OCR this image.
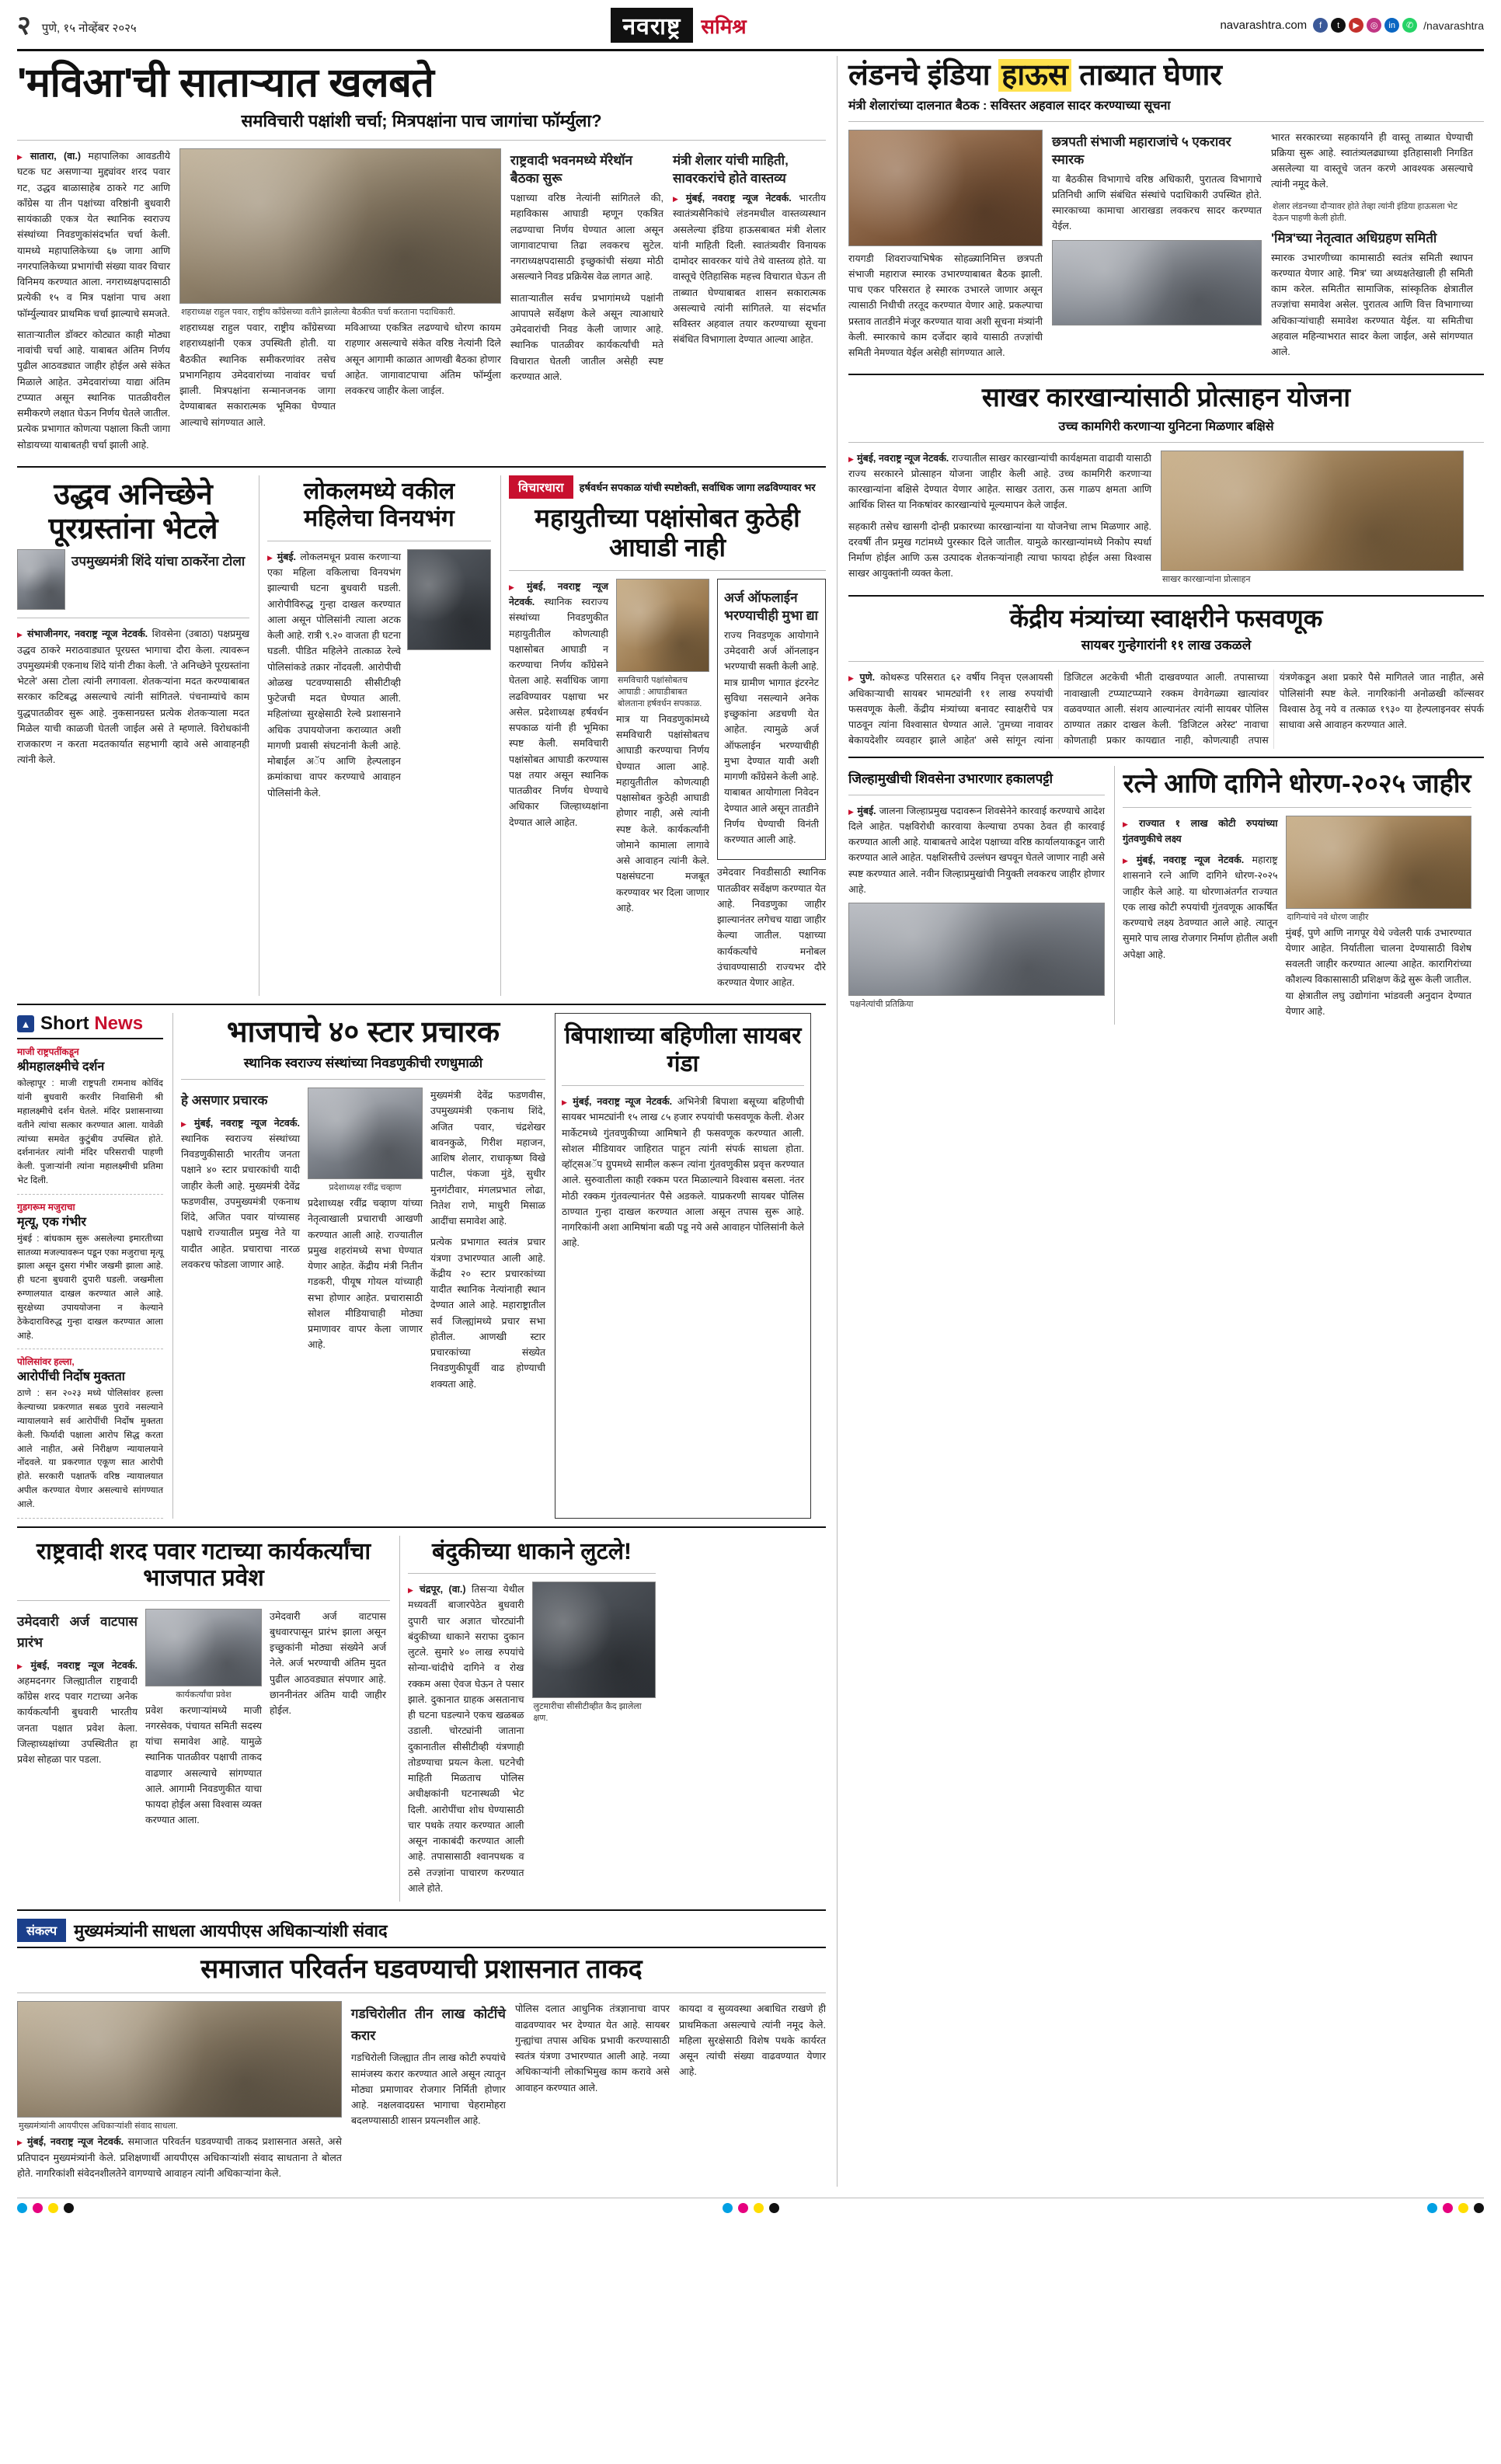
२ पुणे, १५ नोव्हेंबर २०२५	नवराष्ट्र	समिश्र	navarashtra.com	f	t	▶	◎	in	✆ /navarashtra
'मविआ'ची साताऱ्यात खलबते
समविचारी पक्षांशी चर्चा; मित्रपक्षांना पाच जागांचा फॉर्म्युला?

▶ सातारा, (वा.) महापालिका आवडतीये घटक घट असणाऱ्या मुद्द्यांवर शरद पवार गट, उद्धव बाळासाहेब ठाकरे गट आणि काँग्रेस या तीन पक्षांच्या वरिष्ठांनी बुधवारी सायंकाळी एकत्र येत स्थानिक स्वराज्य संस्थांच्या निवडणुकांसंदर्भात चर्चा केली. यामध्ये महापालिकेच्या ६७ जागा आणि नगरपालिकेच्या प्रभागांची संख्या यावर विचार विनिमय करण्यात आला. नगराध्यक्षपदासाठी प्रत्येकी १५ व मित्र पक्षांना पाच अशा फॉर्म्युल्यावर प्राथमिक चर्चा झाल्याचे समजते.

साताऱ्यातील डॉक्टर कोट्यात काही मोठ्या नावांची चर्चा आहे. याबाबत अंतिम निर्णय पुढील आठवड्यात जाहीर होईल असे संकेत मिळाले आहेत. उमेदवारांच्या याद्या अंतिम टप्प्यात असून स्थानिक पातळीवरील समीकरणे लक्षात घेऊन निर्णय घेतले जातील. प्रत्येक प्रभागात कोणत्या पक्षाला किती जागा सोडायच्या याबाबतही चर्चा झाली आहे.

शहराध्यक्ष राहुल पवार, राष्ट्रीय काँग्रेसच्या वतीने झालेल्या बैठकीत चर्चा करताना पदाधिकारी.

शहराध्यक्ष राहुल पवार, राष्ट्रीय काँग्रेसच्या शहराध्यक्षांनी एकत्र उपस्थिती होती. या बैठकीत स्थानिक समीकरणांवर तसेच प्रभागनिहाय उमेदवारांच्या नावांवर चर्चा झाली. मित्रपक्षांना सन्मानजनक जागा देण्याबाबत सकारात्मक भूमिका घेण्यात आल्याचे सांगण्यात आले.

मविआच्या एकत्रित लढण्याचे धोरण कायम राहणार असल्याचे संकेत वरिष्ठ नेत्यांनी दिले असून आगामी काळात आणखी बैठका होणार आहेत. जागावाटपाचा अंतिम फॉर्म्युला लवकरच जाहीर केला जाईल.

राष्ट्रवादी भवनमध्ये मॅरेथॉन बैठका सुरू

पक्षाच्या वरिष्ठ नेत्यांनी सांगितले की, महाविकास आघाडी म्हणून एकत्रित लढण्याचा निर्णय घेण्यात आला असून जागावाटपाचा तिढा लवकरच सुटेल. नगराध्यक्षपदासाठी इच्छुकांची संख्या मोठी असल्याने निवड प्रक्रियेस वेळ लागत आहे.

साताऱ्यातील सर्वच प्रभागांमध्ये पक्षांनी आपापले सर्वेक्षण केले असून त्याआधारे उमेदवारांची निवड केली जाणार आहे. स्थानिक पातळीवर कार्यकर्त्यांची मते विचारात घेतली जातील असेही स्पष्ट करण्यात आले.

मंत्री शेलार यांची माहिती, सावरकरांचे होते वास्तव्य

▶ मुंबई, नवराष्ट्र न्यूज नेटवर्क. भारतीय स्वातंत्र्यसैनिकांचे लंडनमधील वास्तव्यस्थान असलेल्या इंडिया हाऊसबाबत मंत्री शेलार यांनी माहिती दिली. स्वातंत्र्यवीर विनायक दामोदर सावरकर यांचे तेथे वास्तव्य होते. या वास्तूचे ऐतिहासिक महत्त्व विचारात घेऊन ती ताब्यात घेण्याबाबत शासन सकारात्मक असल्याचे त्यांनी सांगितले. या संदर्भात सविस्तर अहवाल तयार करण्याच्या सूचना संबंधित विभागाला देण्यात आल्या आहेत.

उद्धव अनिच्छेने पूरग्रस्तांना भेटले
उपमुख्यमंत्री शिंदे यांचा ठाकरेंना टोला

▶ संभाजीनगर, नवराष्ट्र न्यूज नेटवर्क. शिवसेना (उबाठा) पक्षप्रमुख उद्धव ठाकरे मराठवाड्यात पूरग्रस्त भागाचा दौरा केला. त्यावरून उपमुख्यमंत्री एकनाथ शिंदे यांनी टीका केली. 'ते अनिच्छेने पूरग्रस्तांना भेटले' असा टोला त्यांनी लगावला. शेतकऱ्यांना मदत करण्याबाबत सरकार कटिबद्ध असल्याचे त्यांनी सांगितले. पंचनाम्यांचे काम युद्धपातळीवर सुरू आहे. नुकसानग्रस्त प्रत्येक शेतकऱ्याला मदत मिळेल याची काळजी घेतली जाईल असे ते म्हणाले. विरोधकांनी राजकारण न करता मदतकार्यात सहभागी व्हावे असे आवाहनही त्यांनी केले.

लोकलमध्ये वकील महिलेचा विनयभंग

▶ मुंबई. लोकलमधून प्रवास करणाऱ्या एका महिला वकिलाचा विनयभंग झाल्याची घटना बुधवारी घडली. आरोपीविरुद्ध गुन्हा दाखल करण्यात आला असून पोलिसांनी त्याला अटक केली आहे. रात्री ९.२० वाजता ही घटना घडली. पीडित महिलेने तात्काळ रेल्वे पोलिसांकडे तक्रार नोंदवली. आरोपीची ओळख पटवण्यासाठी सीसीटीव्ही फुटेजची मदत घेण्यात आली. महिलांच्या सुरक्षेसाठी रेल्वे प्रशासनाने अधिक उपाययोजना कराव्यात अशी मागणी प्रवासी संघटनांनी केली आहे. मोबाईल अॅप आणि हेल्पलाइन क्रमांकाचा वापर करण्याचे आवाहन पोलिसांनी केले.

विचारधारा	हर्षवर्धन सपकाळ यांची स्पष्टोक्ती, सर्वाधिक जागा लढविण्यावर भर
महायुतीच्या पक्षांसोबत कुठेही आघाडी नाही

▶ मुंबई, नवराष्ट्र न्यूज नेटवर्क. स्थानिक स्वराज्य संस्थांच्या निवडणुकीत महायुतीतील कोणत्याही पक्षासोबत आघाडी न करण्याचा निर्णय काँग्रेसने घेतला आहे. सर्वाधिक जागा लढविण्यावर पक्षाचा भर असेल. प्रदेशाध्यक्ष हर्षवर्धन सपकाळ यांनी ही भूमिका स्पष्ट केली. समविचारी पक्षांसोबत आघाडी करण्यास पक्ष तयार असून स्थानिक पातळीवर निर्णय घेण्याचे अधिकार जिल्हाध्यक्षांना देण्यात आले आहेत.

समविचारी पक्षांसोबतच आघाडी : आघाडीबाबत बोलताना हर्षवर्धन सपकाळ.

मात्र या निवडणुकांमध्ये समविचारी पक्षांसोबतच आघाडी करण्याचा निर्णय घेण्यात आला आहे. महायुतीतील कोणत्याही पक्षासोबत कुठेही आघाडी होणार नाही, असे त्यांनी स्पष्ट केले. कार्यकर्त्यांनी जोमाने कामाला लागावे असे आवाहन त्यांनी केले. पक्षसंघटना मजबूत करण्यावर भर दिला जाणार आहे.

अर्ज ऑफलाईन भरण्याचीही मुभा द्या

राज्य निवडणूक आयोगाने उमेदवारी अर्ज ऑनलाइन भरण्याची सक्ती केली आहे. मात्र ग्रामीण भागात इंटरनेट सुविधा नसल्याने अनेक इच्छुकांना अडचणी येत आहेत. त्यामुळे अर्ज ऑफलाईन भरण्याचीही मुभा देण्यात यावी अशी मागणी काँग्रेसने केली आहे. याबाबत आयोगाला निवेदन देण्यात आले असून तातडीने निर्णय घेण्याची विनंती करण्यात आली आहे.

उमेदवार निवडीसाठी स्थानिक पातळीवर सर्वेक्षण करण्यात येत आहे. निवडणुका जाहीर झाल्यानंतर लगेचच याद्या जाहीर केल्या जातील. पक्षाच्या कार्यकर्त्यांचे मनोबल उंचावण्यासाठी राज्यभर दौरे करण्यात येणार आहेत.

▲ Short News
माजी राष्ट्रपतींकडून
श्रीमहालक्ष्मीचे दर्शन
कोल्हापूर : माजी राष्ट्रपती रामनाथ कोविंद यांनी बुधवारी करवीर निवासिनी श्री महालक्ष्मीचे दर्शन घेतले. मंदिर प्रशासनाच्या वतीने त्यांचा सत्कार करण्यात आला. यावेळी त्यांच्या समवेत कुटुंबीय उपस्थित होते. दर्शनानंतर त्यांनी मंदिर परिसराची पाहणी केली. पुजाऱ्यांनी त्यांना महालक्ष्मीची प्रतिमा भेट दिली.
गुडगरूम मजुराचा
मृत्यू, एक गंभीर
मुंबई : बांधकाम सुरू असलेल्या इमारतीच्या सातव्या मजल्यावरून पडून एका मजुराचा मृत्यू झाला असून दुसरा गंभीर जखमी झाला आहे. ही घटना बुधवारी दुपारी घडली. जखमीला रुग्णालयात दाखल करण्यात आले आहे. सुरक्षेच्या उपाययोजना न केल्याने ठेकेदाराविरुद्ध गुन्हा दाखल करण्यात आला आहे.
पोलिसांवर हल्ला,
आरोपींची निर्दोष मुक्तता
ठाणे : सन २०२३ मध्ये पोलिसांवर हल्ला केल्याच्या प्रकरणात सबळ पुरावे नसल्याने न्यायालयाने सर्व आरोपींची निर्दोष मुक्तता केली. फिर्यादी पक्षाला आरोप सिद्ध करता आले नाहीत, असे निरीक्षण न्यायालयाने नोंदवले. या प्रकरणात एकूण सात आरोपी होते. सरकारी पक्षातर्फे वरिष्ठ न्यायालयात अपील करण्यात येणार असल्याचे सांगण्यात आले.
भाजपाचे ४० स्टार प्रचारक
स्थानिक स्वराज्य संस्थांच्या निवडणुकीची रणधुमाळी
हे असणार प्रचारक

▶ मुंबई, नवराष्ट्र न्यूज नेटवर्क. स्थानिक स्वराज्य संस्थांच्या निवडणुकीसाठी भारतीय जनता पक्षाने ४० स्टार प्रचारकांची यादी जाहीर केली आहे. मुख्यमंत्री देवेंद्र फडणवीस, उपमुख्यमंत्री एकनाथ शिंदे, अजित पवार यांच्यासह पक्षाचे राज्यातील प्रमुख नेते या यादीत आहेत. प्रचाराचा नारळ लवकरच फोडला जाणार आहे.

प्रदेशाध्यक्ष रवींद्र चव्हाण

प्रदेशाध्यक्ष रवींद्र चव्हाण यांच्या नेतृत्वाखाली प्रचाराची आखणी करण्यात आली आहे. राज्यातील प्रमुख शहरांमध्ये सभा घेण्यात येणार आहेत. केंद्रीय मंत्री नितीन गडकरी, पीयूष गोयल यांच्याही सभा होणार आहेत. प्रचारासाठी सोशल मीडियाचाही मोठ्या प्रमाणावर वापर केला जाणार आहे.

मुख्यमंत्री देवेंद्र फडणवीस, उपमुख्यमंत्री एकनाथ शिंदे, अजित पवार, चंद्रशेखर बावनकुळे, गिरीश महाजन, आशिष शेलार, राधाकृष्ण विखे पाटील, पंकजा मुंडे, सुधीर मुनगंटीवार, मंगलप्रभात लोढा, नितेश राणे, माधुरी मिसाळ आदींचा समावेश आहे.

प्रत्येक प्रभागात स्वतंत्र प्रचार यंत्रणा उभारण्यात आली आहे. केंद्रीय २० स्टार प्रचारकांच्या यादीत स्थानिक नेत्यांनाही स्थान देण्यात आले आहे. महाराष्ट्रातील सर्व जिल्ह्यांमध्ये प्रचार सभा होतील. आणखी स्टार प्रचारकांच्या संख्येत निवडणुकीपूर्वी वाढ होण्याची शक्यता आहे.

बिपाशाच्या बहिणीला सायबर गंडा

▶ मुंबई, नवराष्ट्र न्यूज नेटवर्क. अभिनेत्री बिपाशा बसूच्या बहिणीची सायबर भामट्यांनी १५ लाख ८५ हजार रुपयांची फसवणूक केली. शेअर मार्केटमध्ये गुंतवणुकीच्या आमिषाने ही फसवणूक करण्यात आली. सोशल मीडियावर जाहिरात पाहून त्यांनी संपर्क साधला होता. व्हॉट्सअॅप ग्रुपमध्ये सामील करून त्यांना गुंतवणुकीस प्रवृत्त करण्यात आले. सुरुवातीला काही रक्कम परत मिळाल्याने विश्वास बसला. नंतर मोठी रक्कम गुंतवल्यानंतर पैसे अडकले. याप्रकरणी सायबर पोलिस ठाण्यात गुन्हा दाखल करण्यात आला असून तपास सुरू आहे. नागरिकांनी अशा आमिषांना बळी पडू नये असे आवाहन पोलिसांनी केले आहे.

राष्ट्रवादी शरद पवार गटाच्या कार्यकर्त्यांचा भाजपात प्रवेश
उमेदवारी अर्ज वाटपास प्रारंभ

▶ मुंबई, नवराष्ट्र न्यूज नेटवर्क. अहमदनगर जिल्ह्यातील राष्ट्रवादी काँग्रेस शरद पवार गटाच्या अनेक कार्यकर्त्यांनी बुधवारी भारतीय जनता पक्षात प्रवेश केला. जिल्हाध्यक्षांच्या उपस्थितीत हा प्रवेश सोहळा पार पडला.

कार्यकर्त्यांचा प्रवेश

प्रवेश करणाऱ्यांमध्ये माजी नगरसेवक, पंचायत समिती सदस्य यांचा समावेश आहे. यामुळे स्थानिक पातळीवर पक्षाची ताकद वाढणार असल्याचे सांगण्यात आले. आगामी निवडणुकीत याचा फायदा होईल असा विश्वास व्यक्त करण्यात आला.

उमेदवारी अर्ज वाटपास बुधवारपासून प्रारंभ झाला असून इच्छुकांनी मोठ्या संख्येने अर्ज नेले. अर्ज भरण्याची अंतिम मुदत पुढील आठवड्यात संपणार आहे. छाननीनंतर अंतिम यादी जाहीर होईल.

बंदुकीच्या धाकाने लुटले!

▶ चंद्रपूर, (वा.) तिसऱ्या येथील मध्यवर्ती बाजारपेठेत बुधवारी दुपारी चार अज्ञात चोरट्यांनी बंदुकीच्या धाकाने सराफा दुकान लुटले. सुमारे ४० लाख रुपयांचे सोन्या-चांदीचे दागिने व रोख रक्कम असा ऐवज घेऊन ते पसार झाले. दुकानात ग्राहक असतानाच ही घटना घडल्याने एकच खळबळ उडाली. चोरट्यांनी जाताना दुकानातील सीसीटीव्ही यंत्रणाही तोडण्याचा प्रयत्न केला. घटनेची माहिती मिळताच पोलिस अधीक्षकांनी घटनास्थळी भेट दिली. आरोपींचा शोध घेण्यासाठी चार पथके तयार करण्यात आली असून नाकाबंदी करण्यात आली आहे. तपासासाठी श्वानपथक व ठसे तज्ज्ञांना पाचारण करण्यात आले होते.

लुटमारीचा सीसीटीव्हीत कैद झालेला क्षण.
संकल्प	मुख्यमंत्र्यांनी साधला आयपीएस अधिकाऱ्यांशी संवाद
समाजात परिवर्तन घडवण्याची प्रशासनात ताकद
मुख्यमंत्र्यांनी आयपीएस अधिकाऱ्यांशी संवाद साधला.

▶ मुंबई, नवराष्ट्र न्यूज नेटवर्क. समाजात परिवर्तन घडवण्याची ताकद प्रशासनात असते, असे प्रतिपादन मुख्यमंत्र्यांनी केले. प्रशिक्षणार्थी आयपीएस अधिकाऱ्यांशी संवाद साधताना ते बोलत होते. नागरिकांशी संवेदनशीलतेने वागण्याचे आवाहन त्यांनी अधिकाऱ्यांना केले.

गडचिरोलीत तीन लाख कोटींचे करार

गडचिरोली जिल्ह्यात तीन लाख कोटी रुपयांचे सामंजस्य करार करण्यात आले असून त्यातून मोठ्या प्रमाणावर रोजगार निर्मिती होणार आहे. नक्षलवादग्रस्त भागाचा चेहरामोहरा बदलण्यासाठी शासन प्रयत्नशील आहे.

पोलिस दलात आधुनिक तंत्रज्ञानाचा वापर वाढवण्यावर भर देण्यात येत आहे. सायबर गुन्ह्यांचा तपास अधिक प्रभावी करण्यासाठी स्वतंत्र यंत्रणा उभारण्यात आली आहे. नव्या अधिकाऱ्यांनी लोकाभिमुख काम करावे असे आवाहन करण्यात आले.

कायदा व सुव्यवस्था अबाधित राखणे ही प्राथमिकता असल्याचे त्यांनी नमूद केले. महिला सुरक्षेसाठी विशेष पथके कार्यरत असून त्यांची संख्या वाढवण्यात येणार आहे.

लंडनचे इंडिया हाऊस ताब्यात घेणार
मंत्री शेलारांच्या दालनात बैठक : सविस्तर अहवाल सादर करण्याच्या सूचना

रायगडी शिवराज्याभिषेक सोहळ्यानिमित्त छत्रपती संभाजी महाराज स्मारक उभारण्याबाबत बैठक झाली. पाच एकर परिसरात हे स्मारक उभारले जाणार असून त्यासाठी निधीची तरतूद करण्यात येणार आहे. प्रकल्पाचा प्रस्ताव तातडीने मंजूर करण्यात यावा अशी सूचना मंत्र्यांनी केली. स्मारकाचे काम दर्जेदार व्हावे यासाठी तज्ज्ञांची समिती नेमण्यात येईल असेही सांगण्यात आले.

छत्रपती संभाजी महाराजांचे ५ एकरावर स्मारक

या बैठकीस विभागाचे वरिष्ठ अधिकारी, पुरातत्व विभागाचे प्रतिनिधी आणि संबंधित संस्थांचे पदाधिकारी उपस्थित होते. स्मारकाच्या कामाचा आराखडा लवकरच सादर करण्यात येईल.

भारत सरकारच्या सहकार्याने ही वास्तू ताब्यात घेण्याची प्रक्रिया सुरू आहे. स्वातंत्र्यलढ्याच्या इतिहासाशी निगडित असलेल्या या वास्तूचे जतन करणे आवश्यक असल्याचे त्यांनी नमूद केले.

शेलार लंडनच्या दौऱ्यावर होते तेव्हा त्यांनी इंडिया हाऊसला भेट देऊन पाहणी केली होती.
'मित्र'च्या नेतृत्वात अधिग्रहण समिती

स्मारक उभारणीच्या कामासाठी स्वतंत्र समिती स्थापन करण्यात येणार आहे. 'मित्र' च्या अध्यक्षतेखाली ही समिती काम करेल. समितीत सामाजिक, सांस्कृतिक क्षेत्रातील तज्ज्ञांचा समावेश असेल. पुरातत्व आणि वित्त विभागाच्या अधिकाऱ्यांचाही समावेश करण्यात येईल. या समितीचा अहवाल महिन्याभरात सादर केला जाईल, असे सांगण्यात आले.

साखर कारखान्यांसाठी प्रोत्साहन योजना
उच्च कामगिरी करणाऱ्या युनिटना मिळणार बक्षिसे

▶ मुंबई, नवराष्ट्र न्यूज नेटवर्क. राज्यातील साखर कारखान्यांची कार्यक्षमता वाढावी यासाठी राज्य सरकारने प्रोत्साहन योजना जाहीर केली आहे. उच्च कामगिरी करणाऱ्या कारखान्यांना बक्षिसे देण्यात येणार आहेत. साखर उतारा, ऊस गाळप क्षमता आणि आर्थिक शिस्त या निकषांवर कारखान्यांचे मूल्यमापन केले जाईल.

सहकारी तसेच खासगी दोन्ही प्रकारच्या कारखान्यांना या योजनेचा लाभ मिळणार आहे. दरवर्षी तीन प्रमुख गटांमध्ये पुरस्कार दिले जातील. यामुळे कारखान्यांमध्ये निकोप स्पर्धा निर्माण होईल आणि ऊस उत्पादक शेतकऱ्यांनाही त्याचा फायदा होईल असा विश्वास साखर आयुक्तांनी व्यक्त केला.

साखर कारखान्यांना प्रोत्साहन
केंद्रीय मंत्र्यांच्या स्वाक्षरीने फसवणूक
सायबर गुन्हेगारांनी ११ लाख उकळले

▶ पुणे. कोथरूड परिसरात ६२ वर्षीय निवृत्त एलआयसी अधिकाऱ्याची सायबर भामट्यांनी ११ लाख रुपयांची फसवणूक केली. केंद्रीय मंत्र्यांच्या बनावट स्वाक्षरीचे पत्र पाठवून त्यांना विश्वासात घेण्यात आले. 'तुमच्या नावावर बेकायदेशीर व्यवहार झाले आहेत' असे सांगून त्यांना डिजिटल अटकेची भीती दाखवण्यात आली. तपासाच्या नावाखाली टप्प्याटप्प्याने रक्कम वेगवेगळ्या खात्यांवर वळवण्यात आली. संशय आल्यानंतर त्यांनी सायबर पोलिस ठाण्यात तक्रार दाखल केली. 'डिजिटल अरेस्ट' नावाचा कोणताही प्रकार कायद्यात नाही, कोणत्याही तपास यंत्रणेकडून अशा प्रकारे पैसे मागितले जात नाहीत, असे पोलिसांनी स्पष्ट केले. नागरिकांनी अनोळखी कॉल्सवर विश्वास ठेवू नये व तत्काळ १९३० या हेल्पलाइनवर संपर्क साधावा असे आवाहन करण्यात आले.

जिल्हामुखीची शिवसेना उभारणार हकालपट्टी

▶ मुंबई. जालना जिल्हाप्रमुख पदावरून शिवसेनेने कारवाई करण्याचे आदेश दिले आहेत. पक्षविरोधी कारवाया केल्याचा ठपका ठेवत ही कारवाई करण्यात आली आहे. याबाबतचे आदेश पक्षाच्या वरिष्ठ कार्यालयाकडून जारी करण्यात आले आहेत. पक्षशिस्तीचे उल्लंघन खपवून घेतले जाणार नाही असे स्पष्ट करण्यात आले. नवीन जिल्हाप्रमुखांची नियुक्ती लवकरच जाहीर होणार आहे.

पक्षनेत्यांची प्रतिक्रिया
रत्ने आणि दागिने धोरण-२०२५ जाहीर

▶ राज्यात १ लाख कोटी रुपयांच्या गुंतवणुकीचे लक्ष्य

▶ मुंबई, नवराष्ट्र न्यूज नेटवर्क. महाराष्ट्र शासनाने रत्ने आणि दागिने धोरण-२०२५ जाहीर केले आहे. या धोरणाअंतर्गत राज्यात एक लाख कोटी रुपयांची गुंतवणूक आकर्षित करण्याचे लक्ष्य ठेवण्यात आले आहे. त्यातून सुमारे पाच लाख रोजगार निर्माण होतील अशी अपेक्षा आहे.

दागिन्यांचे नवे धोरण जाहीर

मुंबई, पुणे आणि नागपूर येथे ज्वेलरी पार्क उभारण्यात येणार आहेत. निर्यातीला चालना देण्यासाठी विशेष सवलती जाहीर करण्यात आल्या आहेत. कारागिरांच्या कौशल्य विकासासाठी प्रशिक्षण केंद्रे सुरू केली जातील. या क्षेत्रातील लघु उद्योगांना भांडवली अनुदान देण्यात येणार आहे.
